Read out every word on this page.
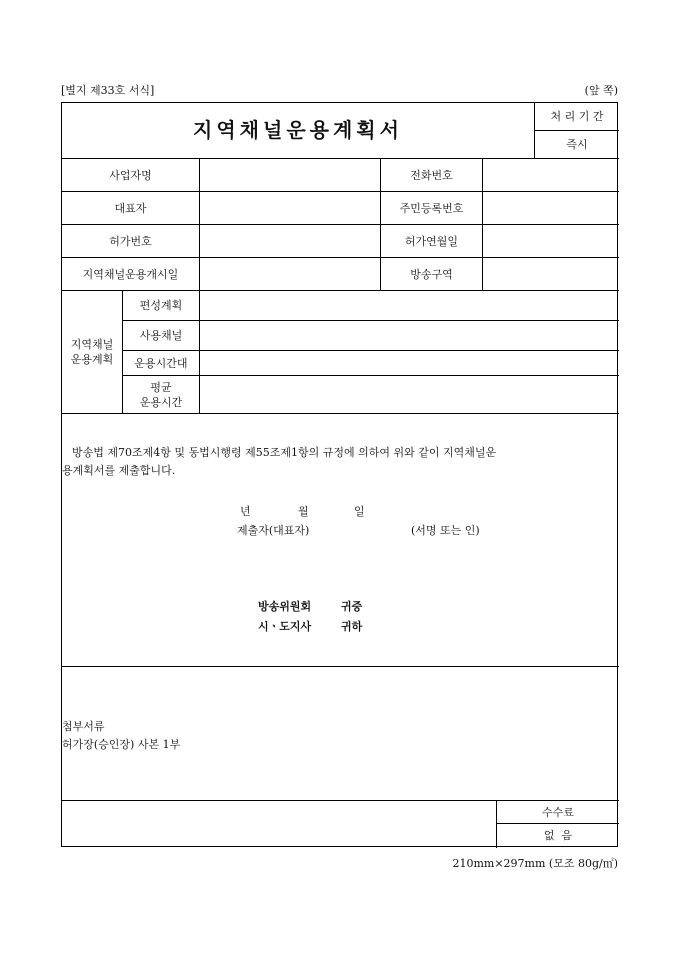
[별지 제33호 서식]	(앞 쪽)
지역채널운용계획서
처 리 기 간
즉시
사업자명	전화번호
대표자	주민등록번호
허가번호	허가연월일
지역채널운용개시일	방송구역
지역채널
운용계획
편성계획
사용채널
운용시간대
평균
운용시간
방송법 제70조제4항 및 동법시행령 제55조제1항의 규정에 의하여 위와 같이 지역채널운
용계획서를 제출합니다.
년	월	일
제출자(대표자)	(서명 또는 인)
방송위원회	귀중
시ㆍ도지사	귀하
첨부서류
허가장(승인장) 사본 1부
수수료
없  음
210mm×297mm (모조 80g/㎡)
